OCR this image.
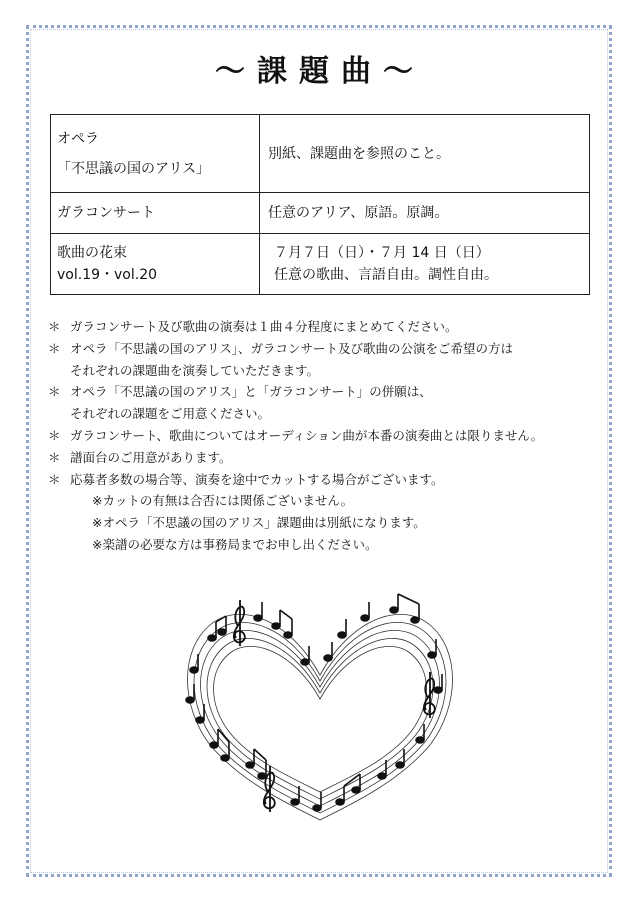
～課題曲～
オペラ
「不思議の国のアリス」	別紙、課題曲を参照のこと。

ガラコンサート	任意のアリア、原語。原調。

歌曲の花束
vol.19・vol.20	７月７日（日）・７月 14 日（日）
任意の歌曲、言語自由。調性自由。
＊ ガラコンサート及び歌曲の演奏は１曲４分程度にまとめてください。
＊ オペラ「不思議の国のアリス」、ガラコンサート及び歌曲の公演をご希望の方は
それぞれの課題曲を演奏していただきます。
＊ オペラ「不思議の国のアリス」と「ガラコンサート」の併願は、
それぞれの課題をご用意ください。
＊ ガラコンサート、歌曲についてはオーディション曲が本番の演奏曲とは限りません。
＊ 譜面台のご用意があります。
＊ 応募者多数の場合等、演奏を途中でカットする場合がございます。
※カットの有無は合否には関係ございません。
※オペラ「不思議の国のアリス」課題曲は別紙になります。
※楽譜の必要な方は事務局までお申し出ください。
